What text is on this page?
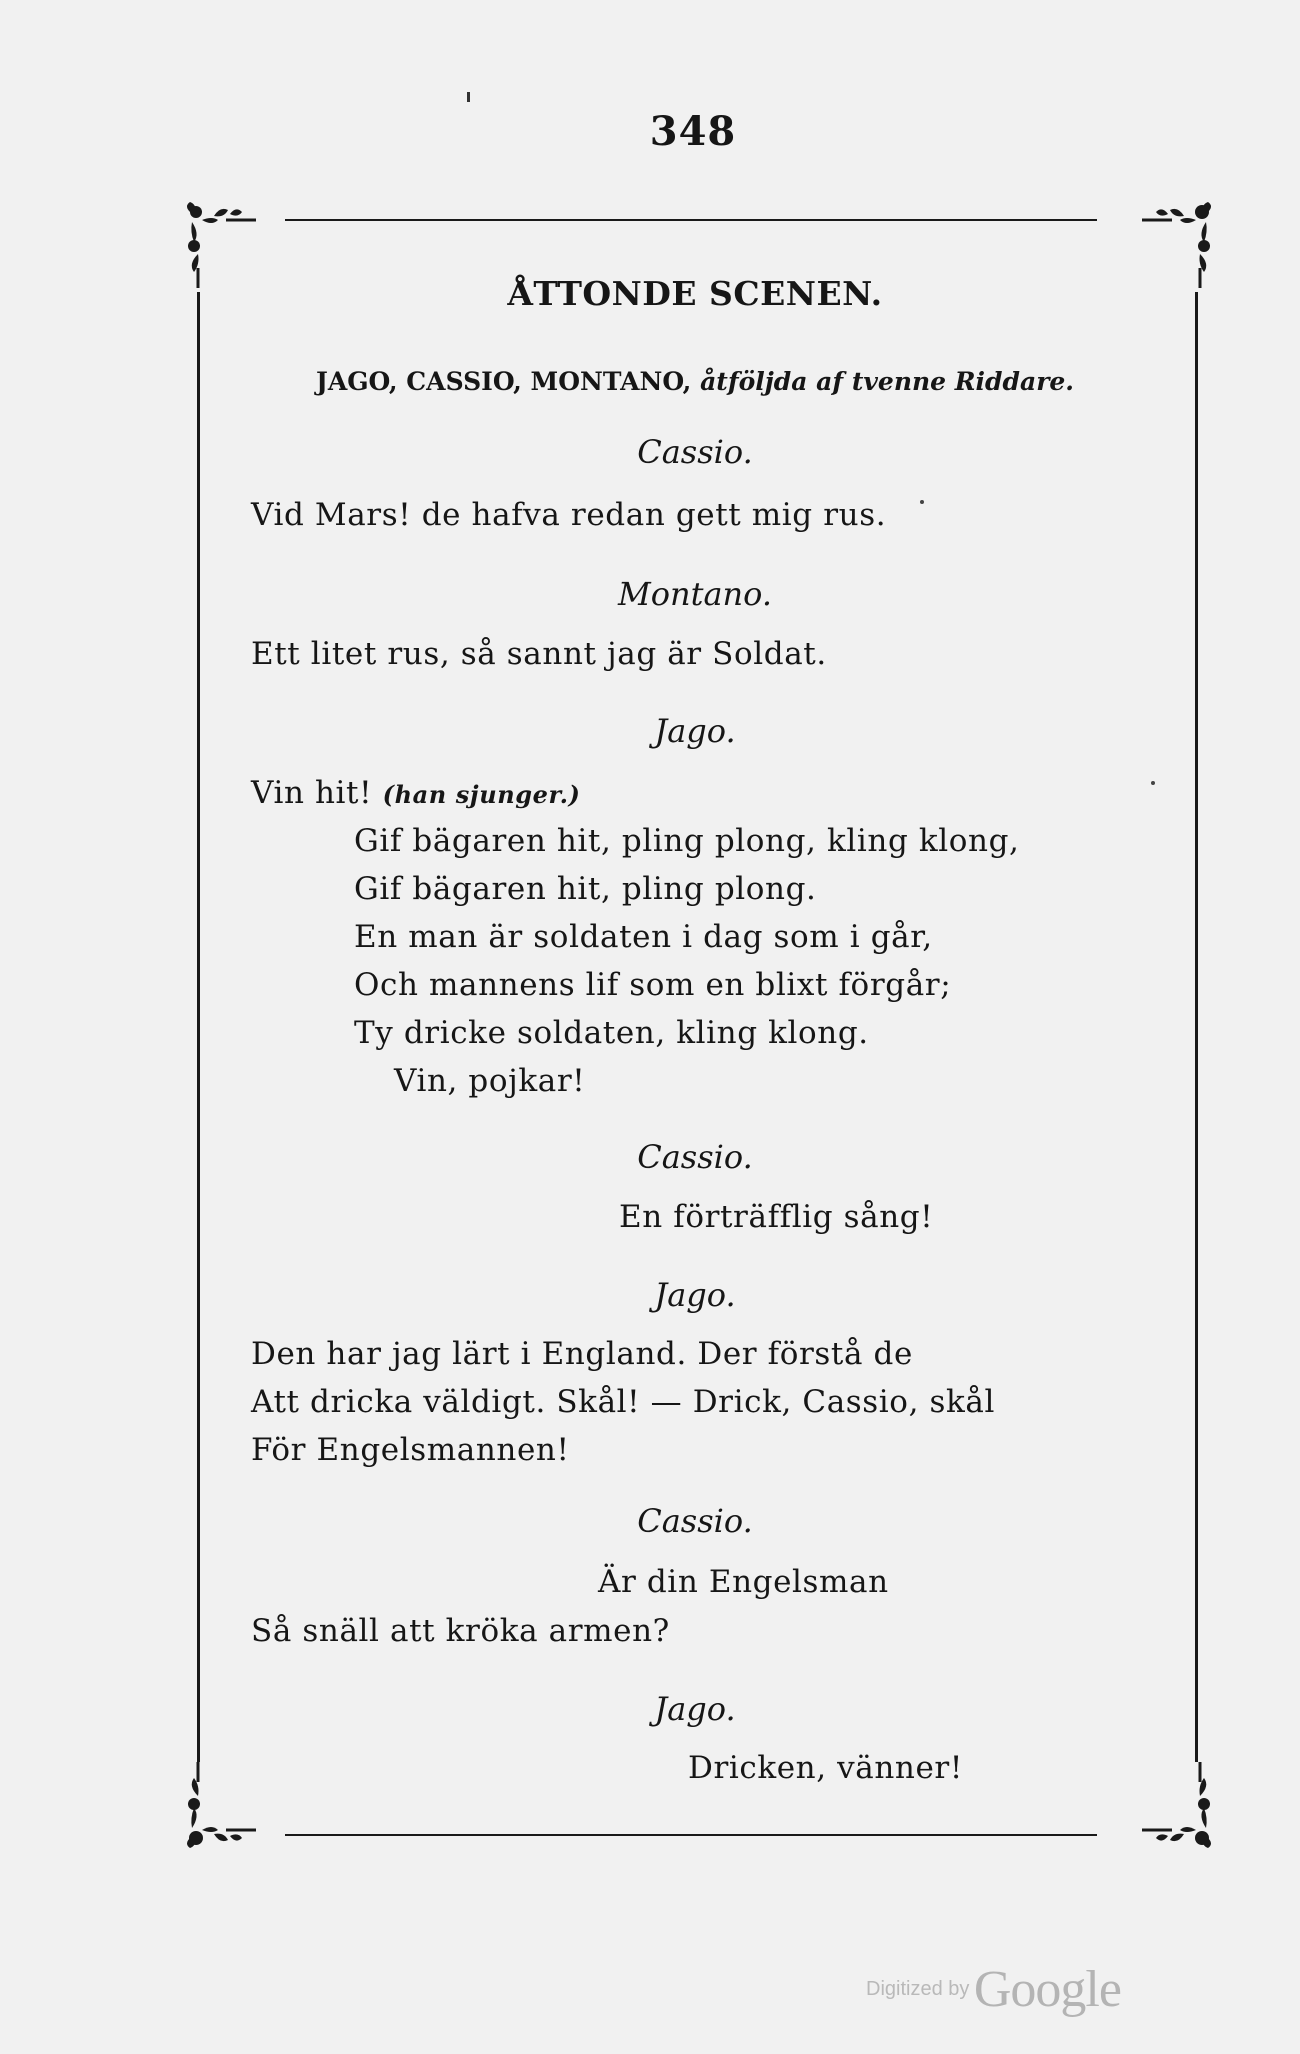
348
ÅTTONDE SCENEN.
JAGO, CASSIO, MONTANO, åtföljda af tvenne Riddare.
Cassio.
Vid Mars! de hafva redan gett mig rus.
Montano.
Ett litet rus, så sannt jag är Soldat.
Jago.
Vin hit! (han sjunger.)
Gif bägaren hit, pling plong, kling klong,
Gif bägaren hit, pling plong.
En man är soldaten i dag som i går,
Och mannens lif som en blixt förgår;
Ty dricke soldaten, kling klong.
Vin, pojkar!
Cassio.
En förträfflig sång!
Jago.
Den har jag lärt i England. Der förstå de
Att dricka väldigt. Skål! — Drick, Cassio, skål
För Engelsmannen!
Cassio.
Är din Engelsman
Så snäll att kröka armen?
Jago.
Dricken, vänner!
Digitized by Google
